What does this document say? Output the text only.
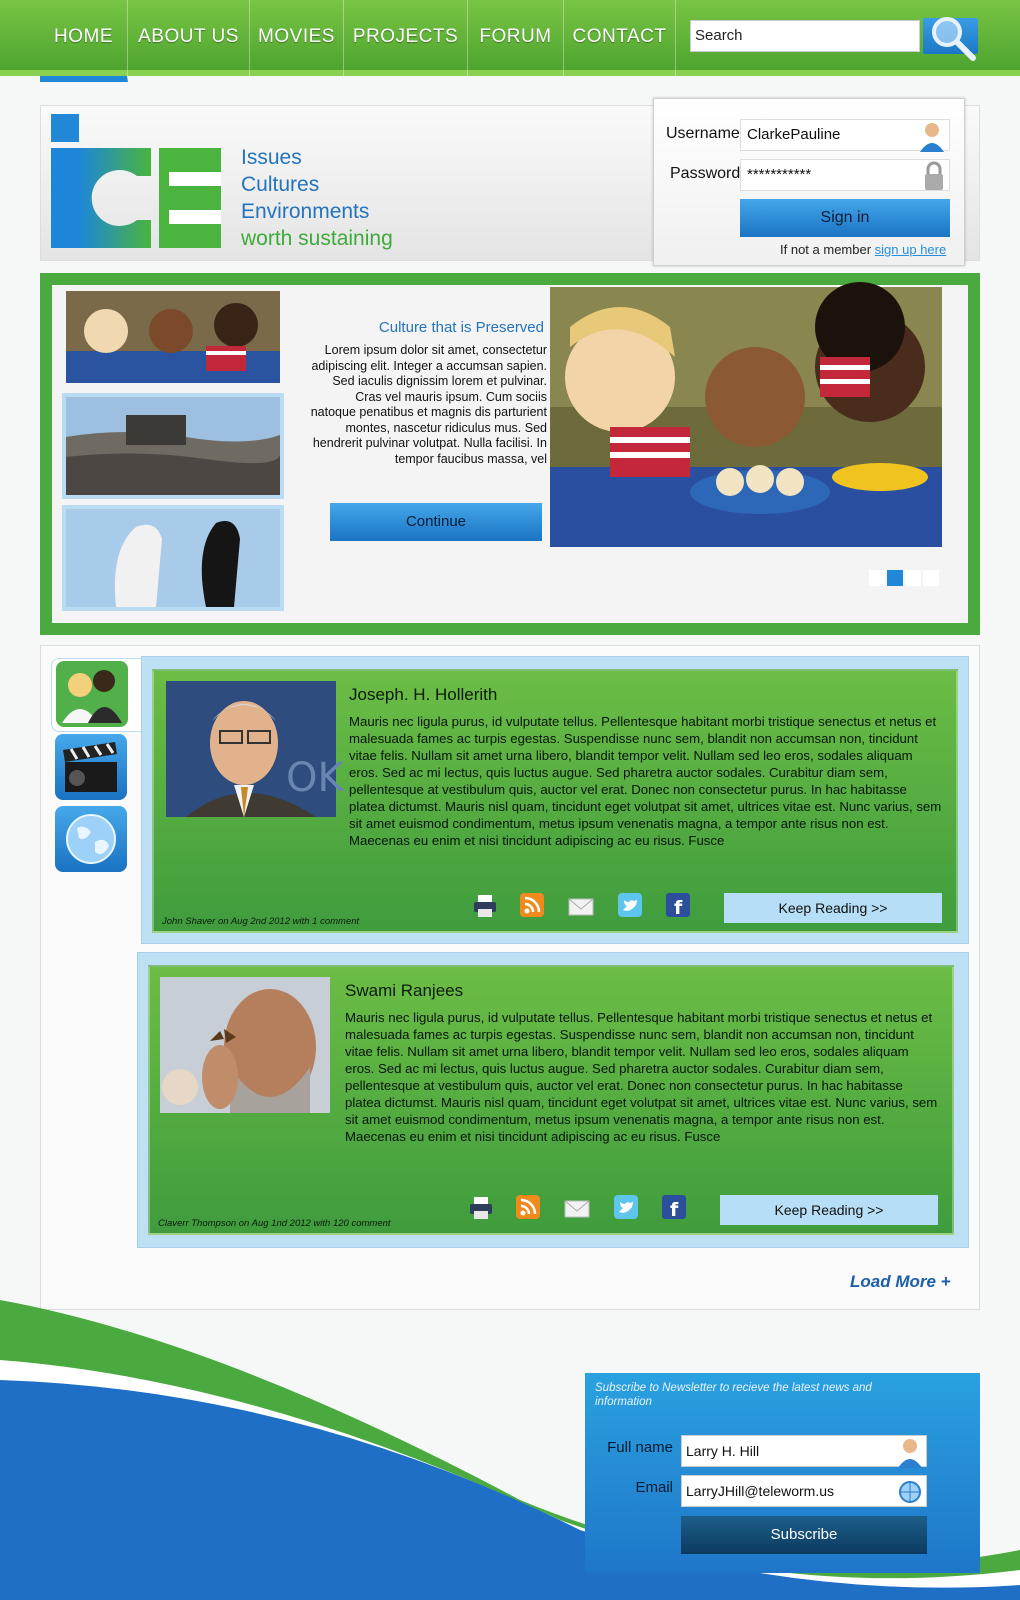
HOME	ABOUT US	MOVIES PROJECTS	FORUM	CONTACT	Search
Issues
Cultures
Environments
worth sustaining
Username ClarkePauline
Password ***********
Sign in
If not a member sign up here
Culture that is Preserved
Lorem ipsum dolor sit amet, consectetur adipiscing elit. Integer a accumsan sapien. Sed iaculis dignissim lorem et pulvinar. Cras vel mauris ipsum. Cum sociis natoque penatibus et magnis dis parturient montes, nascetur ridiculus mus. Sed hendrerit pulvinar volutpat. Nulla facilisi. In tempor faucibus massa, vel
Continue
OK
Joseph. H. Hollerith
Mauris nec ligula purus, id vulputate tellus. Pellentesque habitant morbi tristique senectus et netus et malesuada fames ac turpis egestas. Suspendisse nunc sem, blandit non accumsan non, tincidunt vitae felis. Nullam sit amet urna libero, blandit tempor velit. Nullam sed leo eros, sodales aliquam eros. Sed ac mi lectus, quis luctus augue. Sed pharetra auctor sodales. Curabitur diam sem, pellentesque at vestibulum quis, auctor vel erat. Donec non consectetur purus. In hac habitasse platea dictumst. Mauris nisl quam, tincidunt eget volutpat sit amet, ultrices vitae est. Nunc varius, sem sit amet euismod condimentum, metus ipsum venenatis magna, a tempor ante risus non est. Maecenas eu enim et nisi tincidunt adipiscing ac eu risus. Fusce
John Shaver on Aug 2nd 2012 with 1 comment
f	Keep Reading >>
Swami Ranjees
Mauris nec ligula purus, id vulputate tellus. Pellentesque habitant morbi tristique senectus et netus et malesuada fames ac turpis egestas. Suspendisse nunc sem, blandit non accumsan non, tincidunt vitae felis. Nullam sit amet urna libero, blandit tempor velit. Nullam sed leo eros, sodales aliquam eros. Sed ac mi lectus, quis luctus augue. Sed pharetra auctor sodales. Curabitur diam sem, pellentesque at vestibulum quis, auctor vel erat. Donec non consectetur purus. In hac habitasse platea dictumst. Mauris nisl quam, tincidunt eget volutpat sit amet, ultrices vitae est. Nunc varius, sem sit amet euismod condimentum, metus ipsum venenatis magna, a tempor ante risus non est. Maecenas eu enim et nisi tincidunt adipiscing ac eu risus. Fusce
Claverr Thompson on Aug 1nd 2012 with 120 comment
f	Keep Reading >>
Load More +
Subscribe to Newsletter to recieve the latest news and information
Full name Larry H. Hill
Email LarryJHill@teleworm.us
Subscribe
